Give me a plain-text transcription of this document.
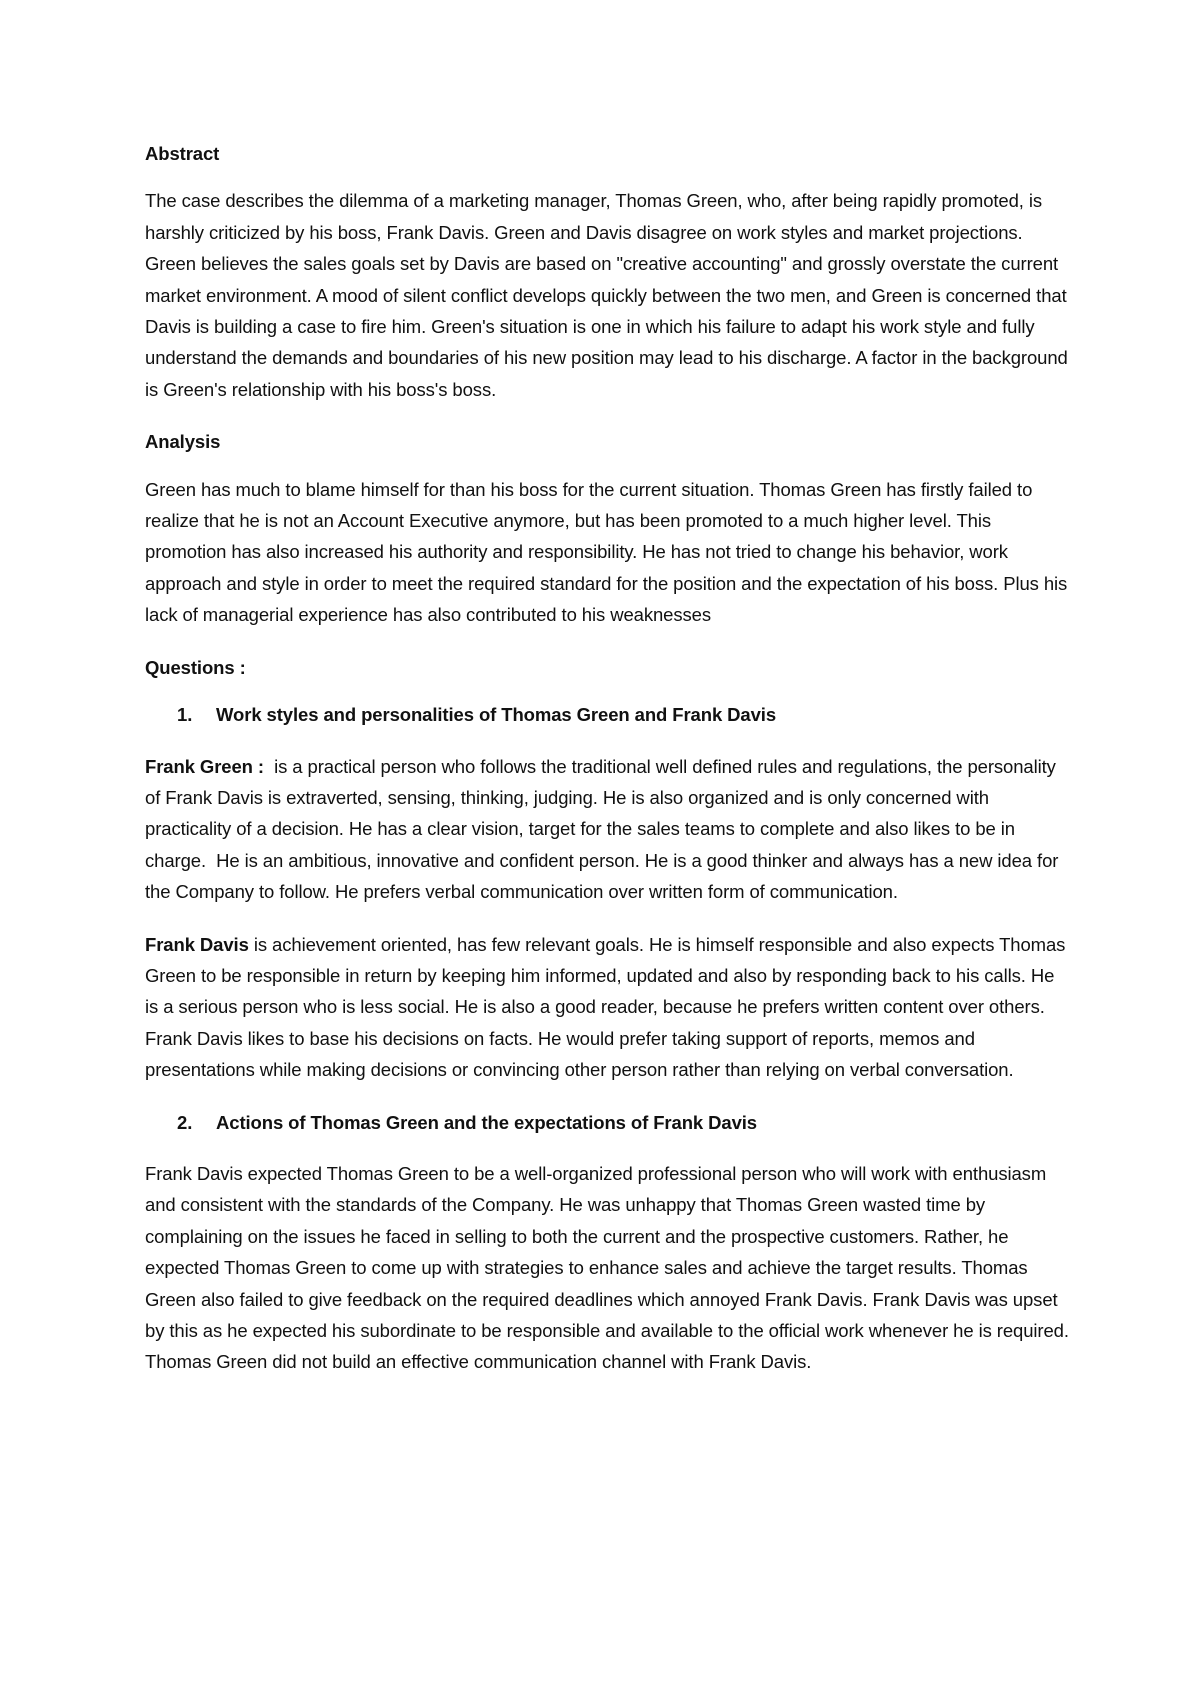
Abstract

The case describes the dilemma of a marketing manager, Thomas Green, who, after being rapidly promoted, is harshly criticized by his boss, Frank Davis. Green and Davis disagree on work styles and market projections. Green believes the sales goals set by Davis are based on "creative accounting" and grossly overstate the current market environment. A mood of silent conflict develops quickly between the two men, and Green is concerned that Davis is building a case to fire him. Green's situation is one in which his failure to adapt his work style and fully understand the demands and boundaries of his new position may lead to his discharge. A factor in the background is Green's relationship with his boss's boss.

Analysis

Green has much to blame himself for than his boss for the current situation. Thomas Green has firstly failed to realize that he is not an Account Executive anymore, but has been promoted to a much higher level. This promotion has also increased his authority and responsibility. He has not tried to change his behavior, work approach and style in order to meet the required standard for the position and the expectation of his boss. Plus his lack of managerial experience has also contributed to his weaknesses

Questions :
1. Work styles and personalities of Thomas Green and Frank Davis

Frank Green :  is a practical person who follows the traditional well defined rules and regulations, the personality of Frank Davis is extraverted, sensing, thinking, judging. He is also organized and is only concerned with practicality of a decision. He has a clear vision, target for the sales teams to complete and also likes to be in charge.  He is an ambitious, innovative and confident person. He is a good thinker and always has a new idea for the Company to follow. He prefers verbal communication over written form of communication.

Frank Davis is achievement oriented, has few relevant goals. He is himself responsible and also expects Thomas Green to be responsible in return by keeping him informed, updated and also by responding back to his calls. He  is a serious person who is less social. He is also a good reader, because he prefers written content over others. Frank Davis likes to base his decisions on facts. He would prefer taking support of reports, memos and presentations while making decisions or convincing other person rather than relying on verbal conversation.

2. Actions of Thomas Green and the expectations of Frank Davis

Frank Davis expected Thomas Green to be a well-organized professional person who will work with enthusiasm and consistent with the standards of the Company. He was unhappy that Thomas Green wasted time by complaining on the issues he faced in selling to both the current and the prospective customers. Rather, he expected Thomas Green to come up with strategies to enhance sales and achieve the target results. Thomas Green also failed to give feedback on the required deadlines which annoyed Frank Davis. Frank Davis was upset by this as he expected his subordinate to be responsible and available to the official work whenever he is required. Thomas Green did not build an effective communication channel with Frank Davis.
